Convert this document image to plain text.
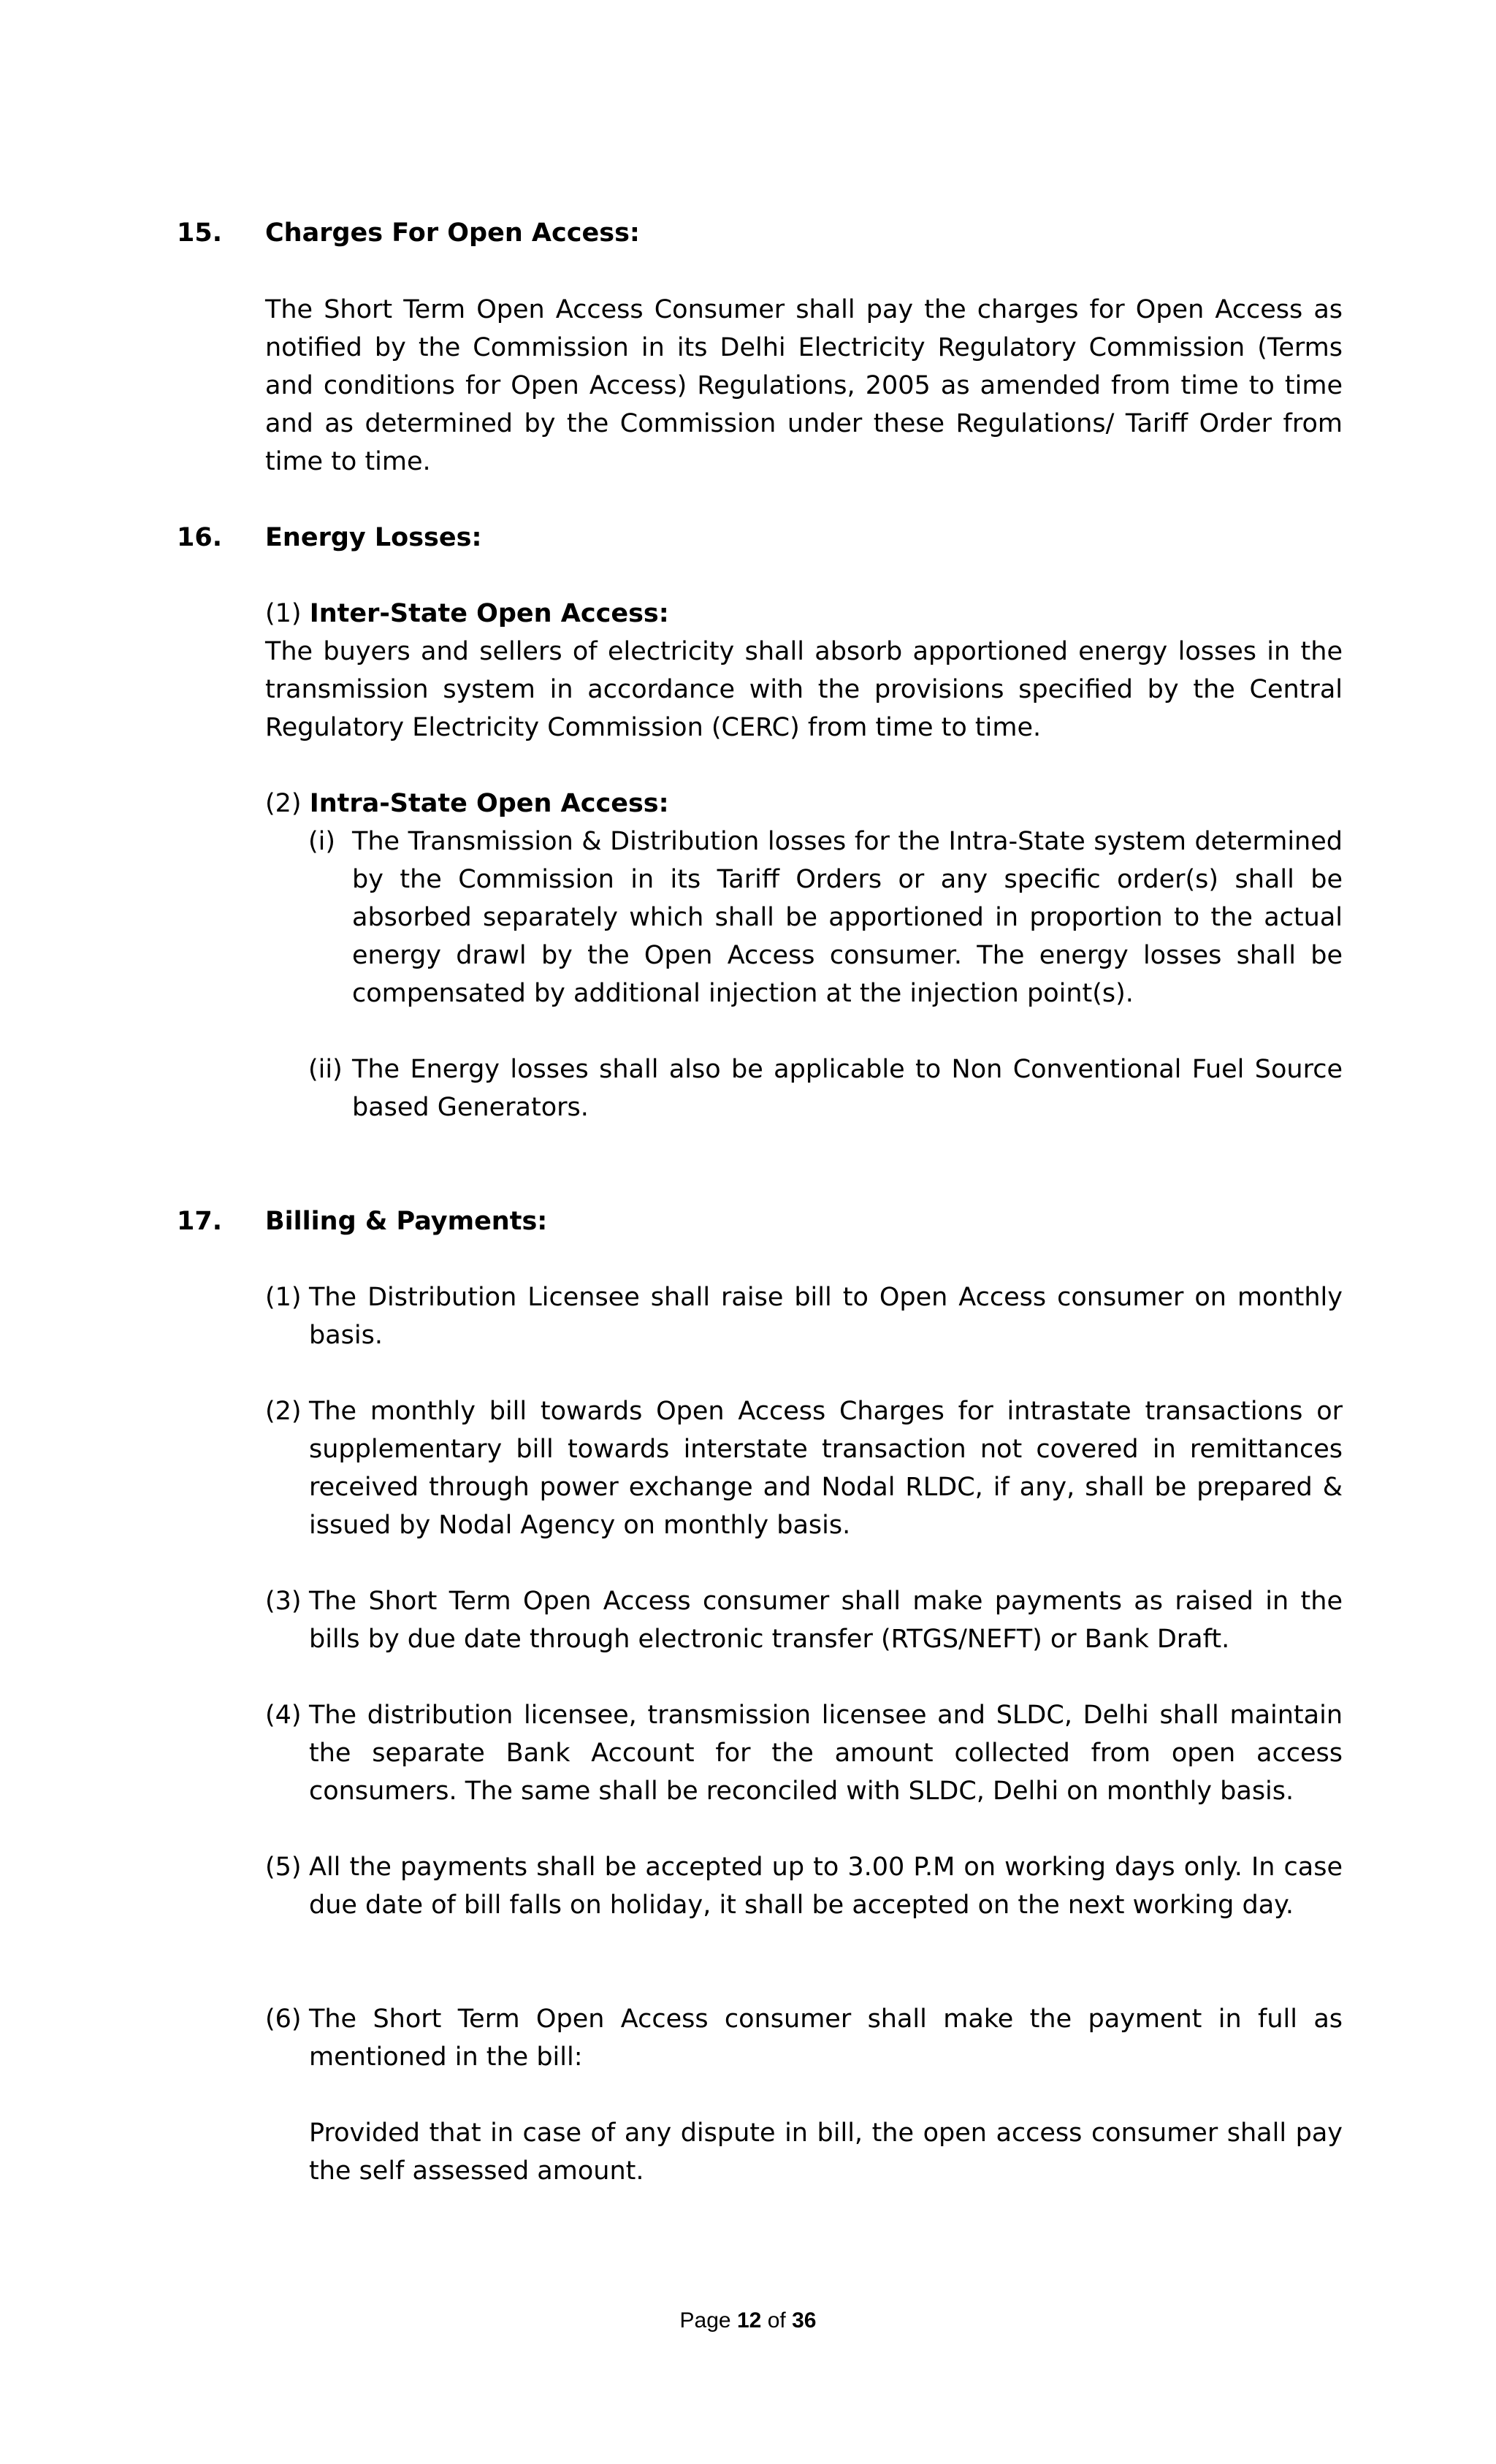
15. Charges For Open Access:
The Short Term Open Access Consumer shall pay the charges for Open Access as notified by the Commission in its Delhi Electricity Regulatory Commission (Terms and conditions for Open Access) Regulations, 2005 as amended from time to time and as determined by the Commission under these Regulations/ Tariff Order from time to time.
16. Energy Losses:
(1) Inter-State Open Access:
The buyers and sellers of electricity shall absorb apportioned energy losses in the transmission system in accordance with the provisions specified by the Central Regulatory Electricity Commission (CERC) from time to time.
(2) Intra-State Open Access:
(i) The Transmission & Distribution losses for the Intra-State system determined by the Commission in its Tariff Orders or any specific order(s) shall be absorbed separately which shall be apportioned in proportion to the actual energy drawl by the Open Access consumer. The energy losses shall be compensated by additional injection at the injection point(s).
(ii) The Energy losses shall also be applicable to Non Conventional Fuel Source based Generators.
17. Billing & Payments:
(1) The Distribution Licensee shall raise bill to Open Access consumer on monthly basis.
(2) The monthly bill towards Open Access Charges for intrastate transactions or supplementary bill towards interstate transaction not covered in remittances received through power exchange and Nodal RLDC, if any, shall be prepared & issued by Nodal Agency on monthly basis.
(3) The Short Term Open Access consumer shall make payments as raised in the bills by due date through electronic transfer (RTGS/NEFT) or Bank Draft.
(4) The distribution licensee, transmission licensee and SLDC, Delhi shall maintain the separate Bank Account for the amount collected from open access consumers. The same shall be reconciled with SLDC, Delhi on monthly basis.
(5) All the payments shall be accepted up to 3.00 P.M on working days only. In case due date of bill falls on holiday, it shall be accepted on the next working day.
(6) The Short Term Open Access consumer shall make the payment in full as mentioned in the bill:
Provided that in case of any dispute in bill, the open access consumer shall pay the self assessed amount.
Page 12 of 36
